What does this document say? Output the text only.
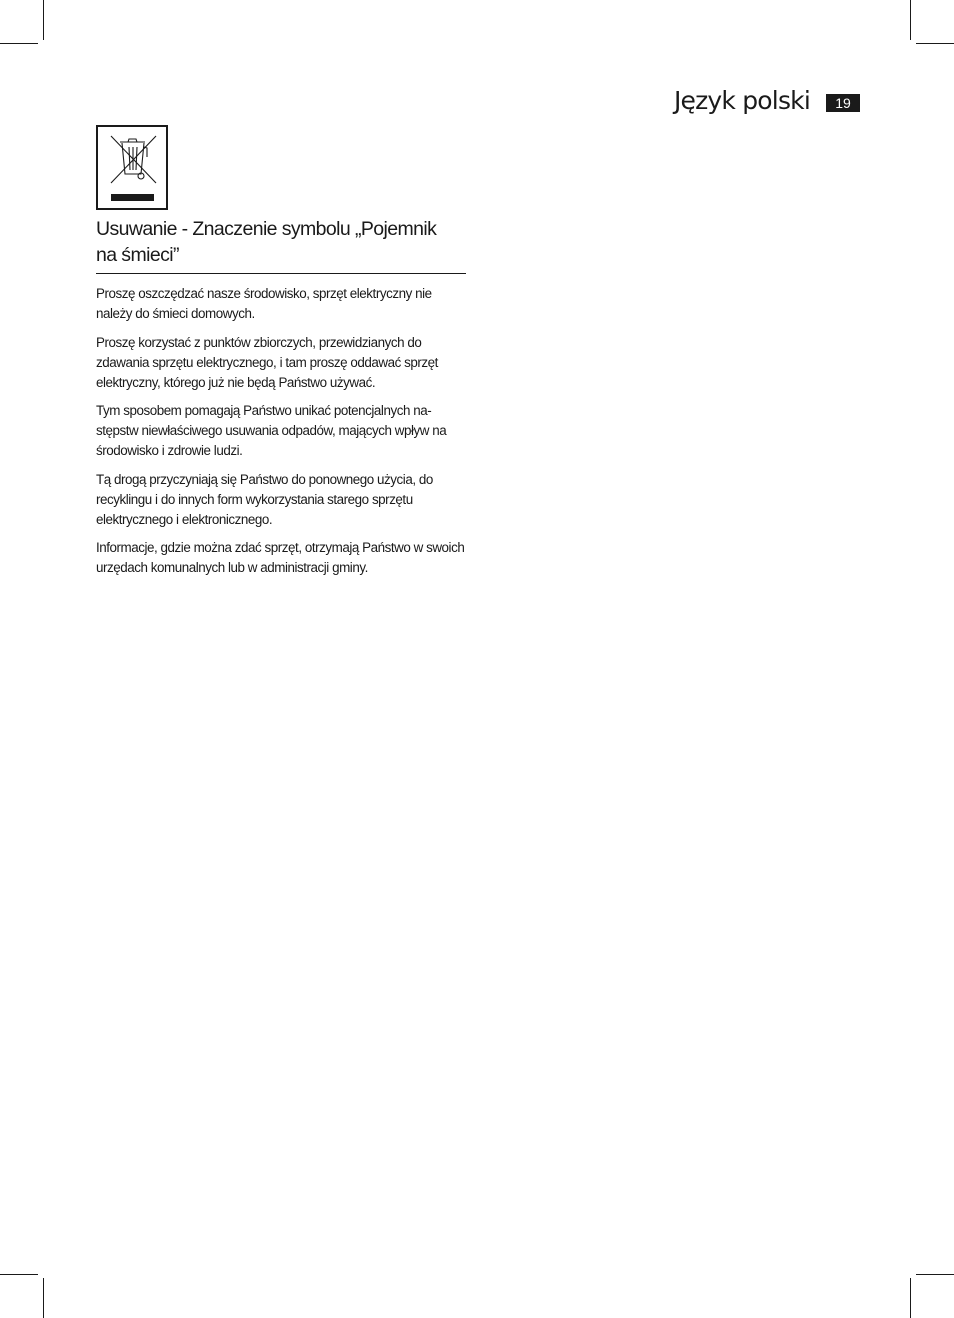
Język polski	19
Usuwanie - Znaczenie symbolu „Pojemnik
na śmieci”

Proszę oszczędzać nasze środowisko, sprzęt elektryczny nie należy do śmieci domowych.

Proszę korzystać z punktów zbiorczych, przewidzianych do zdawania sprzętu elektrycznego, i tam proszę oddawać sprzęt elektryczny, którego już nie będą Państwo używać.

Tym sposobem pomagają Państwo unikać potencjalnych na-stępstw niewłaściwego usuwania odpadów, mających wpływ na środowisko i zdrowie ludzi.

Tą drogą przyczyniają się Państwo do ponownego użycia, do recyklingu i do innych form wykorzystania starego sprzętu elektrycznego i elektronicznego.

Informacje, gdzie można zdać sprzęt, otrzymają Państwo w swoich urzędach komunalnych lub w administracji gminy.
